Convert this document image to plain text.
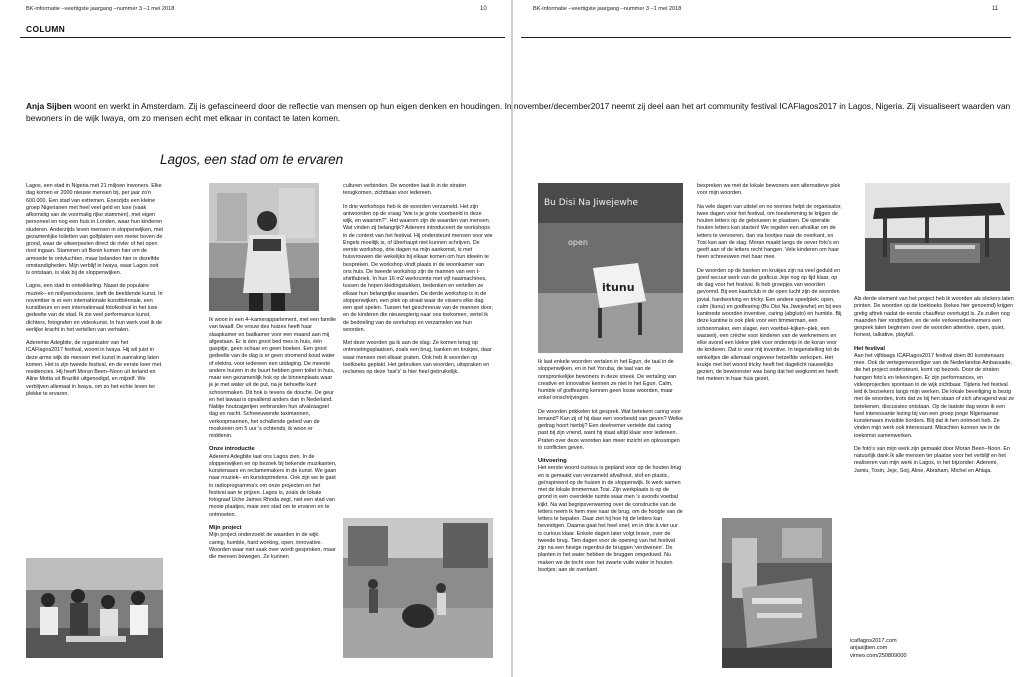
BK-informatie –veertigste jaargang –nummer 3 –1 mei 2018	10
COLUMN

Lagos, een stad in Nigeria met 21 miljoen inwoners. Elke dag komen er 2000 nieuwe mensen bij, per jaar zo'n 600.000. Een stad van extremen. Enerzijds een kleine groep Nigerianen met heel veel geld en luxe (vaak afkomstig van de voormalig rijke stammen), met eigen personeel en nog een huis in Londen, waar hun kinderen studeren. Anderzijds leven mensen in sloppenwijken, met gezamenlijke toiletten van golfplaten een meter boven de grond, waar de uitwerpselen direct de rivier of het open riool ingaan. Stammen uit Benin komen hier om de armoede te ontvluchten, maar belanden hier in dezelfde omstandigheden. Mijn verblijf in Iwaya, waar Lagos ooit is ontstaan, is vlak bij de sloppenwijken.

Lagos, een stad in ontwikkeling. Naast de populaire muziek– en nollywoodscene, leeft de beeldende kunst. In november is er een internationale kunstbiënnale, een kunstbeurs en een internationaal fotofestival in het luxe gedeelte van de stad. Ik zie veel performance kunst, dichters, fotografen en videokunst. In hun werk voel ik de eerlijke kracht in het vertellen van verhalen.

Aderemie Adegbite, de organisator van het ICAFlagos2017 festival, woont in Iwaya. Hij wil juist in deze arme wijk de mensen met kunst in aanraking laten komen. Het is zijn tweede festival, en de eerste keer met residencies. Hij heeft Moran Been–Noon uit Ierland en Aline Motta uit Brazilië uitgenodigd, en mijzelf. We verblijven allemaal in Iwaya, om zo het echte leven ter plekke te ervaren.

Ik woon in een 4–kamerappartement, met een familie van twaalf. De vrouw des huizes heeft haar slaapkamer en badkamer voor een maand aan mij afgestaan. Er is één groot bed mes in huis, één gaspitje, geen schaar en geen boeken. Een groot gedeelte van de dag is er geen stromend koud water of elektra, voor iedereen een uitdaging. De meeste andere huizen in de buurt hebben geen toilet in huis, maar een gezamenlijk hok op de binnenplaats waar je je met water uit de put, na je behoefte kunt schoonmaken. Dit hok is tevens de douche. De geur en het lawaai is opvallend anders dan in Nederland. Nabije houtzagerijen verbranden hun afvalzaagsel dag en nacht. Schreeuwende taximannen, verkoopmannen, het schallende gebed van de moskeeën om 5 uur 's ochtends; ik woon er middenin.

Onze introductie

Aderemi Adegbite laat ons Lagos zien. In de sloppenwijken en op bezoek bij bekende muzikanten, kunstenaars en reclamemakers in de kunst. We gaan naar muziek– en kunstoptredens. Ook zijn we te gast in radioprogramma's om onze projecten en het festival aan te prijzen. Lagos is, zoals de lokale fotograaf Uche James Rhoda zegt, niet een stad van mooie plaatjes, maar een stad om te ervaren en te ontmoeten.

Mijn project

Mijn project onderzoekt de waarden in de wijk: caring, humble, hard working, open, innovative. Woorden waar niet vaak over wordt gesproken, maar die mensen bewegen. Ze kunnen

culturen verbinden. De woorden laat ik in de straten terugkomen, zichtbaar voor iedereen.

In drie workshops heb ik de woorden verzameld. Het zijn antwoorden op de vraag "wie is je grote voorbeeld in deze wijk, en waarom?". Het waarom zijn de waarden van mensen. Wat vinden zij belangrijk? Aderemi introduceert de workshops in de context van het festival. Hij ondersteunt mensen voor wie Engels moeilijk is, of überhaupt niet kunnen schrijven. De eerste workshop, drie dagen na mijn aankomst, is met huisvrouwen die wekelijks bij elkaar komen om hun ideeën te bespreken. De workshop vindt plaats in de woonkamer van ons huis. De tweede workshop zijn de mannen van een t-shirtfabriek. In hun 16 m2 werkruimte met vijf naaimachines, tussen de hopen kledingstukken, bedenken en vertellen ze elkaar hun belangrijke waarden. De derde workshop is in de sloppenwijken, een plek op straat waar de vissers elke dag een spel spelen. Tussen het geschreeuw van de mannen door, en de kinderen die nieuwsgierig naar ons toekomen, vertel ik de bedoeling van de workshop en verzamelen we hun woorden.

Met deze woorden ga ik aan de slag. Ze komen terug op ontmoetingsplaatsen, zoals een brug, banken en krukjes, daar waar mensen met elkaar praten. Ook heb ik woorden op toetkoeks geplakt. Het gebruiken van woorden, uitspraken en reclames op deze 'taxi's' is hier heel gebruikelijk.

BK-informatie –veertigste jaargang –nummer 3 –1 mei 2018	11
Bu Disi Na Jiwejewhe
open
itunu

Ik laat enkele woorden vertalen in het Egun, de taal in de sloppenwijken, en in het Yoruba, de taal van de oorspronkelijke bewoners in deze streek. De vertaling van creative en innovative kennen ze niet in het Egun. Calm, humble of godfearing kennen geen losse woorden, maar enkel omschrijvingen.

De woorden prikkelen tot gesprek. Wat betekent caring voor iemand? Kan zij of hij daar een voorbeeld van geven? Welke gedrag hoort hierbij? Een deelnemer vertelde dat caring past bij zijn vriend, want hij staat altijd klaar voor iedereen. Praten over deze woorden kan meer inzicht en oplossingen in conflicten geven.

Uitvoering

Het eerste woord curious is gepland voor op de houten brug en is gemaakt van verzameld afvalhout, stof en plastic, geïnspireerd op de huizen in de sloppenwijk. Ik werk samen met de lokale timmerman Tosi. Zijn werkplaats is op de grond in een overdekte ruimte waar men 's avonds voetbal kijkt. Na wat begripsverwarring over de constructie van de letters neem ik hem mee naar de brug, om de hoogte van de letters te bepalen. Daar ziet hij hoe hij de letters kan bevestigen. Daarna gaat het heel snel; en in drie à vier uur is curious klaar. Enkele dagen later volgt brave, over de tweede brug. Tien dagen voor de opening van het festival zijn na een hevige regenbui de bruggen 'verdwenen'. De planten in het water hebben de bruggen omgeduwd. Nu maken we de tocht over het zwarte vuile water in houten bootjes; aan de overkant

bespreken we met de lokale bewoners een alternatieve plek voor mijn woorden.

Na vele dagen van uitstel en no worries helpt de organisator, twee dagen voor het festival, om toestemming te krijgen de houten letters op de gebouwen te plaatsen. De operatie houten letters kan starten! We regelen een afvalkar om de letters te vervoeren, dan via bootjes naar de overkant, en Tosi kan aan de slag. Moran maakt langs de oever foto's en geeft aan of de letters recht hangen. Vele kinderen om haar heen schreeuwen met haar mee.

De woorden op de banken en krukjes zijn na veel geduld en goed secuur werk van de graficus Jeje nog op tijd klaar, op de dag voor het festival. Ik heb groepjes van woorden gevormd. Bij een kaartclub in de open lucht zijn de woorden jovial, hardworking en tricky. Een andere speelplek: open, calm (itunu) en godfearing (Bu Disi Na Jiwejewhe) en bij een kantinede woorden inventive, caring (abgluto) en humble. Bij deze kantine is ook plek voor een timmerman, een schoenmaker, een slager, een voetbal–kijken–plek, een wasserij, een crèche voor kinderen van de werknemers en elke avond een kleine plek voor onderwijs in de koran voor de kinderen. Dat is voor mij inventive. In tegenstelling tot de winkeltjes die allemaal ongeveer hetzelfde verkopen. Het krukje met het woord tricky heeft het dagelicht nauwelijks gezien; de bewoonster was bang dat het wegkomt en heeft het meteen in haar huis gezet.

Als derde element van het project heb ik woorden als stickers laten printen. De woorden op de toektoeks (kekes hier genoemd) krijgen gretig aftrek nadat de eerste chauffeur overtuigd is. Ze zullen nog maanden hier rondrijden, en de vele verkeersdeelnemers een gesprek laten beginnen over de woorden attentive, open, quiet, honest, talkative, playfull.

Het festival

Aan het vijfdaags ICAFlagos2017 festival doen 80 kunstenaars mee. Ook de vertegenwoordiger van de Nederlandse Ambassade, die het project ondersteunt, komt op bezoek. Door de straten hangen foto's en tekeningen. Er zijn performances, en videoprojecties spontaan in de wijk zichtbaar. Tijdens het festival leid ik bezoekers langs mijn werken. De lokale beveiliging is bezig met de woorden, trots dat ze bij hen staan of zich afvragend wat ze betekenen, discussies ontstaan. Op de laatste dag woon ik een heel interessante lezing bij van een groep jonge Nigeriaanse kunstenaars invisible borders. Blij dat ik hen ontmoet heb. Ze vinden mijn werk ook interessant. Misschien kunnen we in de toekomst samenwerken.

De foto's van mijn werk zijn gemaakt door Moran Been–Noon. En natuurlijk dank ik alle mensen ter plaatse voor het verblijf en het realiseren van mijn werk in Lagos, in het bijzonder: Aderemi, Jamiu, Tosin, Jeje, Soij, Aline, Abraham, Michel en Ahlaja.

Anja Sijben woont en werkt in Amsterdam. Zij is gefascineerd door de reflectie van mensen op hun eigen denken en houdingen. In november/december2017 neemt zij deel aan het art community festival ICAFlagos2017 in Lagos, Nigeria. Zij visualiseert waarden van bewoners in de wijk Iwaya, om zo mensen echt met elkaar in contact te laten komen.
Lagos, een stad om te ervaren
icaflagos2017.com
anjasijben.com
vimeo.com/250809000
